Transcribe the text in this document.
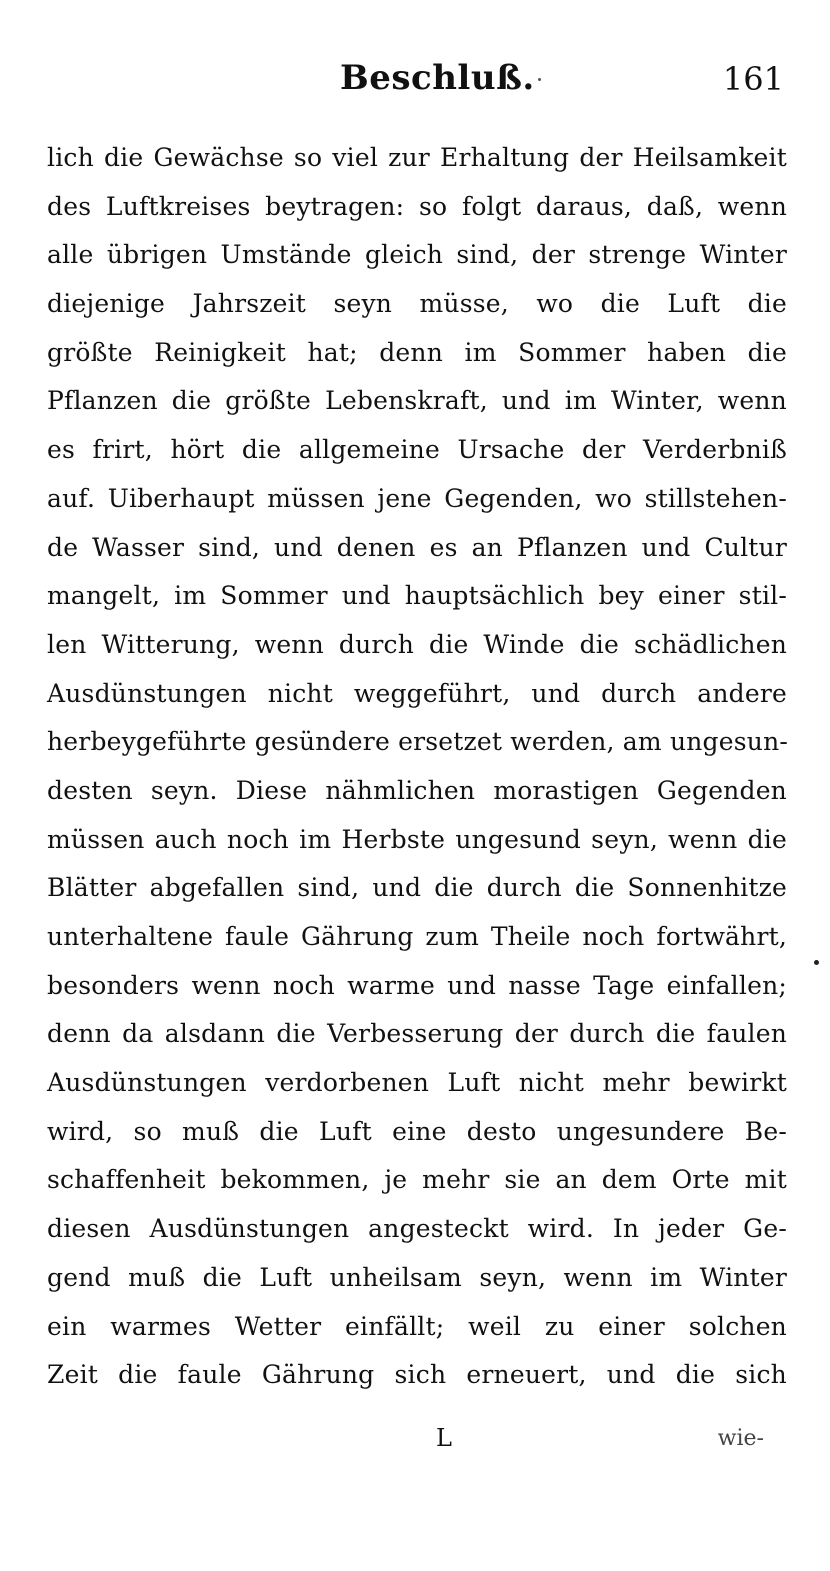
Beschluß.	161
lich die Gewächse so viel zur Erhaltung der Heilsamkeit
des Luftkreises beytragen: so folgt daraus, daß, wenn
alle übrigen Umstände gleich sind, der strenge Winter
diejenige Jahrszeit seyn müsse, wo die Luft die
größte Reinigkeit hat; denn im Sommer haben die
Pflanzen die größte Lebenskraft, und im Winter, wenn
es frirt, hört die allgemeine Ursache der Verderbniß
auf. Uiberhaupt müssen jene Gegenden, wo stillstehen-
de Wasser sind, und denen es an Pflanzen und Cultur
mangelt, im Sommer und hauptsächlich bey einer stil-
len Witterung, wenn durch die Winde die schädlichen
Ausdünstungen nicht weggeführt, und durch andere
herbeygeführte gesündere ersetzet werden, am ungesun-
desten seyn. Diese nähmlichen morastigen Gegenden
müssen auch noch im Herbste ungesund seyn, wenn die
Blätter abgefallen sind, und die durch die Sonnenhitze
unterhaltene faule Gährung zum Theile noch fortwährt,
besonders wenn noch warme und nasse Tage einfallen;
denn da alsdann die Verbesserung der durch die faulen
Ausdünstungen verdorbenen Luft nicht mehr bewirkt
wird, so muß die Luft eine desto ungesundere Be-
schaffenheit bekommen, je mehr sie an dem Orte mit
diesen Ausdünstungen angesteckt wird. In jeder Ge-
gend muß die Luft unheilsam seyn, wenn im Winter
ein warmes Wetter einfällt; weil zu einer solchen
Zeit die faule Gährung sich erneuert, und die sich
L	wie-
